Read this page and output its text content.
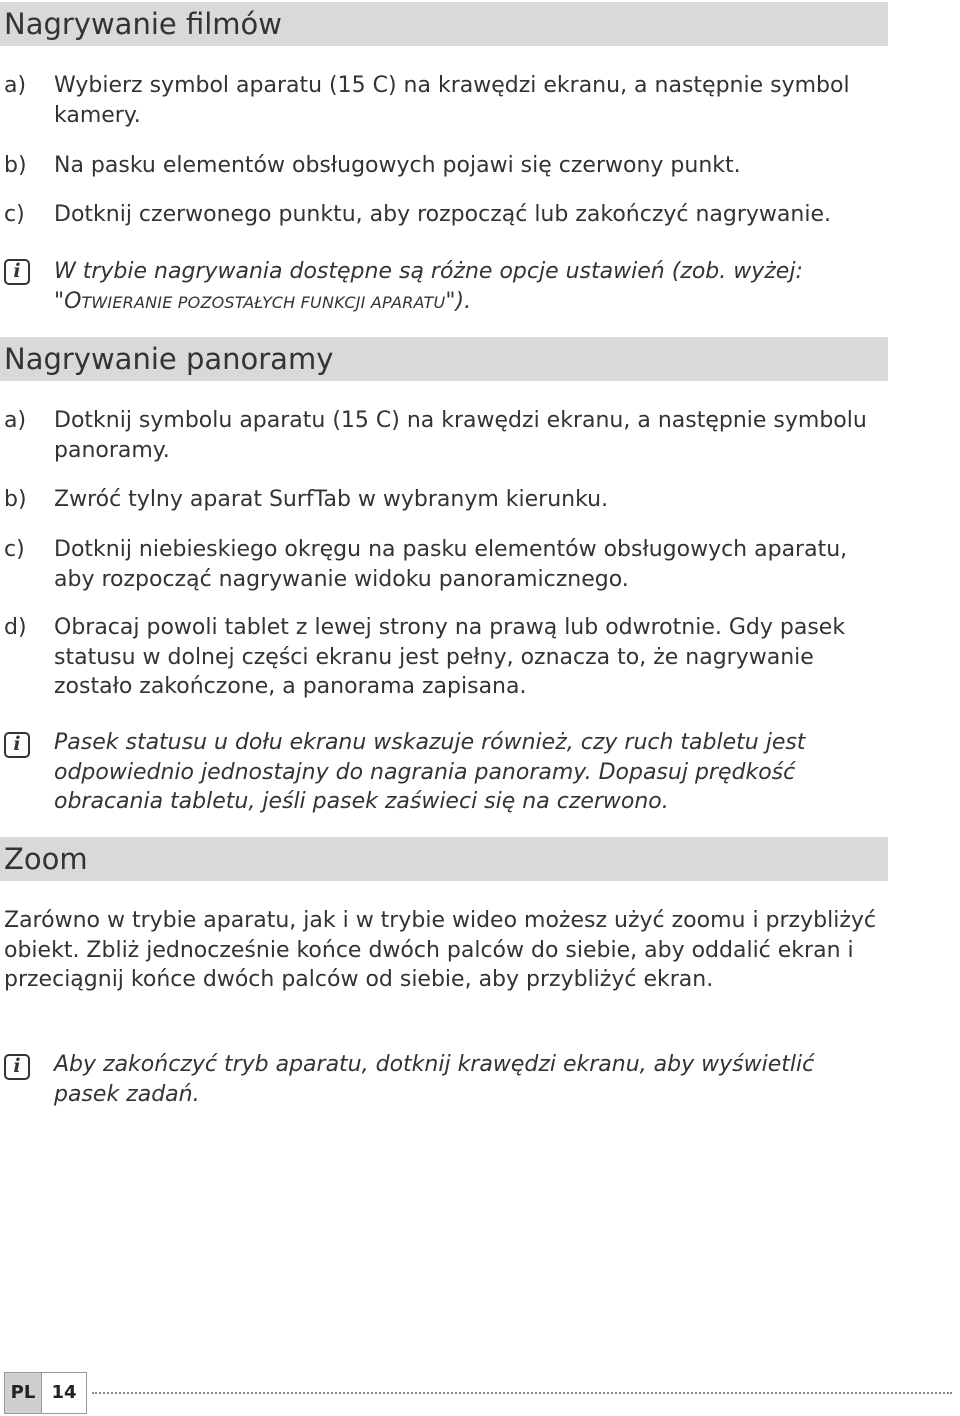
Nagrywanie filmów
a) Wybierz symbol aparatu (15 C) na krawędzi ekranu, a następnie symbol kamery.
b) Na pasku elementów obsługowych pojawi się czerwony punkt.
c) Dotknij czerwonego punktu, aby rozpocząć lub zakończyć nagrywanie.
i	W trybie nagrywania dostępne są różne opcje ustawień (zob. wyżej: "OTWIERANIE POZOSTAŁYCH FUNKCJI APARATU").
Nagrywanie panoramy
a) Dotknij symbolu aparatu (15 C) na krawędzi ekranu, a następnie symbolu panoramy.
b) Zwróć tylny aparat SurfTab w wybranym kierunku.
c) Dotknij niebieskiego okręgu na pasku elementów obsługowych aparatu, aby rozpocząć nagrywanie widoku panoramicznego.
d) Obracaj powoli tablet z lewej strony na prawą lub odwrotnie. Gdy pasek statusu w dolnej części ekranu jest pełny, oznacza to, że nagrywanie zostało zakończone, a panorama zapisana.
i	Pasek statusu u dołu ekranu wskazuje również, czy ruch tabletu jest odpowiednio jednostajny do nagrania panoramy. Dopasuj prędkość obracania tabletu, jeśli pasek zaświeci się na czerwono.
Zoom
Zarówno w trybie aparatu, jak i w trybie wideo możesz użyć zoomu i przybliżyć obiekt. Zbliż jednocześnie końce dwóch palców do siebie, aby oddalić ekran i przeciągnij końce dwóch palców od siebie, aby przybliżyć ekran.
i	Aby zakończyć tryb aparatu, dotknij krawędzi ekranu, aby wyświetlić pasek zadań.
PL 14
